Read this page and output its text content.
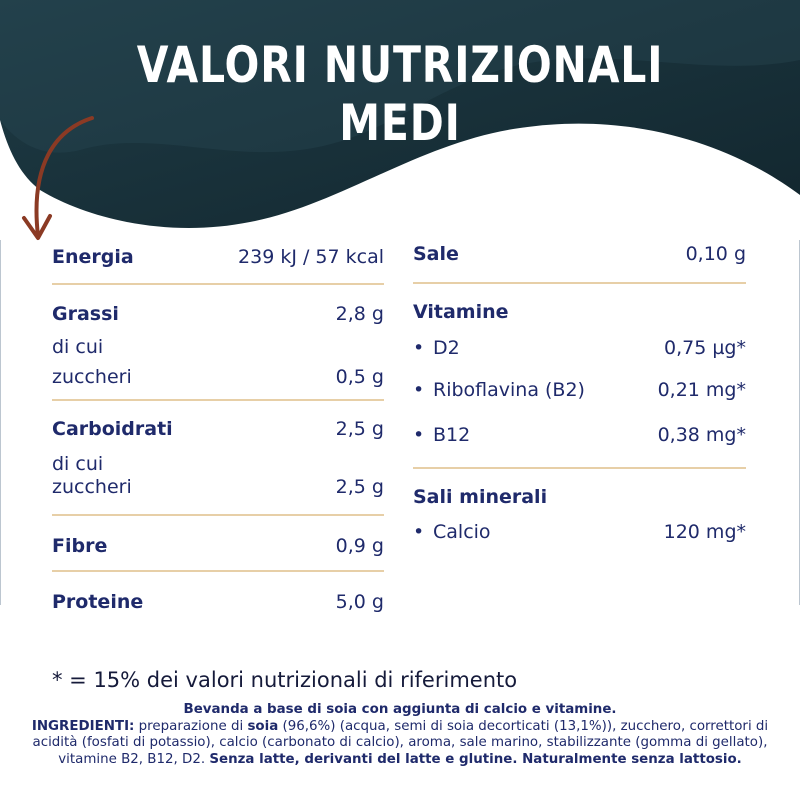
VALORI NUTRIZIONALI MEDI
Energia	239 kJ / 57 kcal
Grassi	2,8 g
di cui
zuccheri	0,5 g
Carboidrati	2,5 g
di cui
zuccheri	2,5 g
Fibre	0,9 g
Proteine	5,0 g
Sale	0,10 g
Vitamine
• D2	0,75 µg*
• Riboflavina (B2)	0,21 mg*
• B12	0,38 mg*
Sali minerali
• Calcio	120 mg*
* = 15% dei valori nutrizionali di riferimento
Bevanda a base di soia con aggiunta di calcio e vitamine.
INGREDIENTI: preparazione di soia (96,6%) (acqua, semi di soia decorticati (13,1%)), zucchero, correttori di acidità (fosfati di potassio), calcio (carbonato di calcio), aroma, sale marino, stabilizzante (gomma di gellato), vitamine B2, B12, D2. Senza latte, derivanti del latte e glutine. Naturalmente senza lattosio.
